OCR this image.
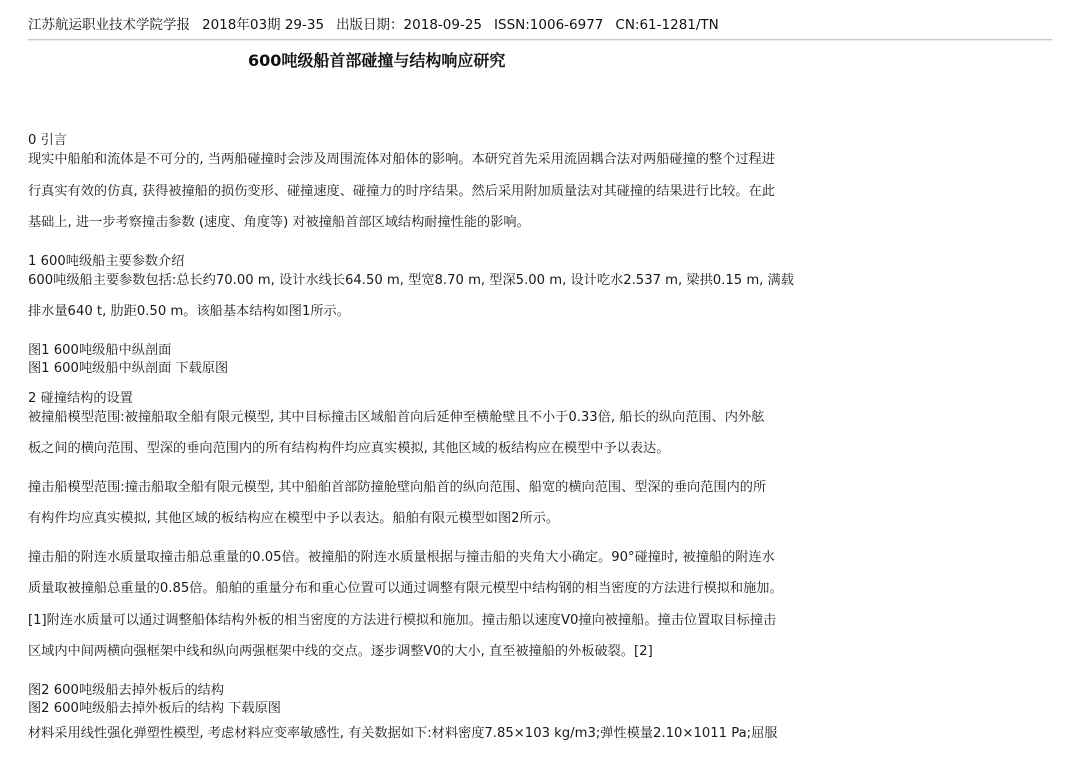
江苏航运职业技术学院学报 2018年03期 29-35 出版日期：2018-09-25 ISSN:1006-6977 CN:61-1281/TN
600吨级船首部碰撞与结构响应研究
0 引言
现实中船舶和流体是不可分的, 当两船碰撞时会涉及周围流体对船体的影响。本研究首先采用流固耦合法对两船碰撞的整个过程进
行真实有效的仿真, 获得被撞船的损伤变形、碰撞速度、碰撞力的时序结果。然后采用附加质量法对其碰撞的结果进行比较。在此
基础上, 进一步考察撞击参数 (速度、角度等) 对被撞船首部区域结构耐撞性能的影响。
1 600吨级船主要参数介绍
600吨级船主要参数包括:总长约70.00 m, 设计水线长64.50 m, 型宽8.70 m, 型深5.00 m, 设计吃水2.537 m, 梁拱0.15 m, 满载
排水量640 t, 肋距0.50 m。该船基本结构如图1所示。
图1 600吨级船中纵剖面
图1 600吨级船中纵剖面 下载原图
2 碰撞结构的设置
被撞船模型范围:被撞船取全船有限元模型, 其中目标撞击区域船首向后延伸至横舱壁且不小于0.33倍, 船长的纵向范围、内外舷
板之间的横向范围、型深的垂向范围内的所有结构构件均应真实模拟, 其他区域的板结构应在模型中予以表达。
撞击船模型范围:撞击船取全船有限元模型, 其中船舶首部防撞舱壁向船首的纵向范围、船宽的横向范围、型深的垂向范围内的所
有构件均应真实模拟, 其他区域的板结构应在模型中予以表达。船舶有限元模型如图2所示。
撞击船的附连水质量取撞击船总重量的0.05倍。被撞船的附连水质量根据与撞击船的夹角大小确定。90°碰撞时, 被撞船的附连水
质量取被撞船总重量的0.85倍。船舶的重量分布和重心位置可以通过调整有限元模型中结构钢的相当密度的方法进行模拟和施加。
[1]附连水质量可以通过调整船体结构外板的相当密度的方法进行模拟和施加。撞击船以速度V0撞向被撞船。撞击位置取目标撞击
区域内中间两横向强框架中线和纵向两强框架中线的交点。逐步调整V0的大小, 直至被撞船的外板破裂。[2]
图2 600吨级船去掉外板后的结构
图2 600吨级船去掉外板后的结构 下载原图
材料采用线性强化弹塑性模型, 考虑材料应变率敏感性, 有关数据如下:材料密度7.85×103 kg/m3;弹性模量2.10×1011 Pa;屈服
